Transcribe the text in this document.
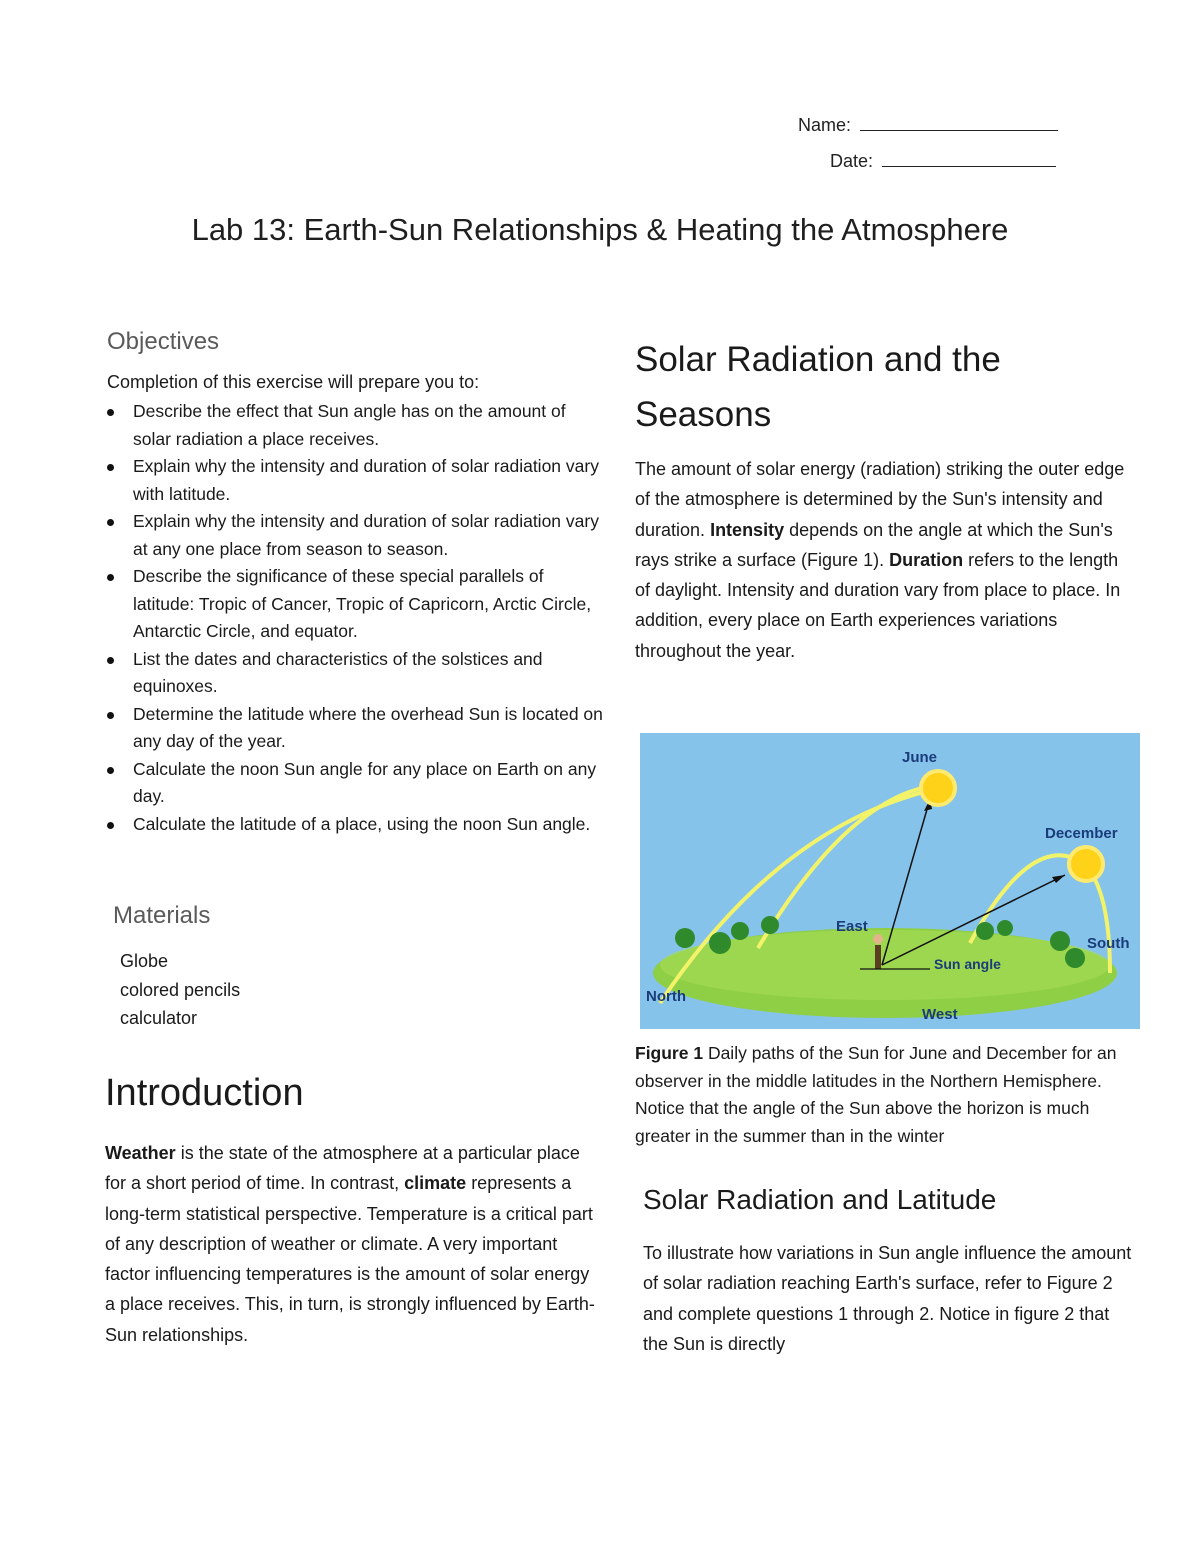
Name:
Date:
Lab 13: Earth-Sun Relationships & Heating the Atmosphere
Objectives
Completion of this exercise will prepare you to:
Describe the effect that Sun angle has on the amount of solar radiation a place receives.
Explain why the intensity and duration of solar radiation vary with latitude.
Explain why the intensity and duration of solar radiation vary at any one place from season to season.
Describe the significance of these special parallels of latitude: Tropic of Cancer, Tropic of Capricorn, Arctic Circle, Antarctic Circle, and equator.
List the dates and characteristics of the solstices and equinoxes.
Determine the latitude where the overhead Sun is located on any day of the year.
Calculate the noon Sun angle for any place on Earth on any day.
Calculate the latitude of a place, using the noon Sun angle.
Materials
Globe
colored pencils
calculator
Introduction
Weather is the state of the atmosphere at a particular place for a short period of time. In contrast, climate represents a long-term statistical perspective. Temperature is a critical part of any description of weather or climate. A very important factor influencing temperatures is the amount of solar energy a place receives. This, in turn, is strongly influenced by Earth-Sun relationships.
Solar Radiation and the Seasons
The amount of solar energy (radiation) striking the outer edge of the atmosphere is determined by the Sun's intensity and duration. Intensity depends on the angle at which the Sun's rays strike a surface (Figure 1). Duration refers to the length of daylight. Intensity and duration vary from place to place. In addition, every place on Earth experiences variations throughout the year.
June
December
East
South
North
West
Sun angle
Figure 1 Daily paths of the Sun for June and December for an observer in the middle latitudes in the Northern Hemisphere. Notice that the angle of the Sun above the horizon is much greater in the summer than in the winter
Solar Radiation and Latitude
To illustrate how variations in Sun angle influence the amount of solar radiation reaching Earth's surface, refer to Figure 2 and complete questions 1 through 2. Notice in figure 2 that the Sun is directly
